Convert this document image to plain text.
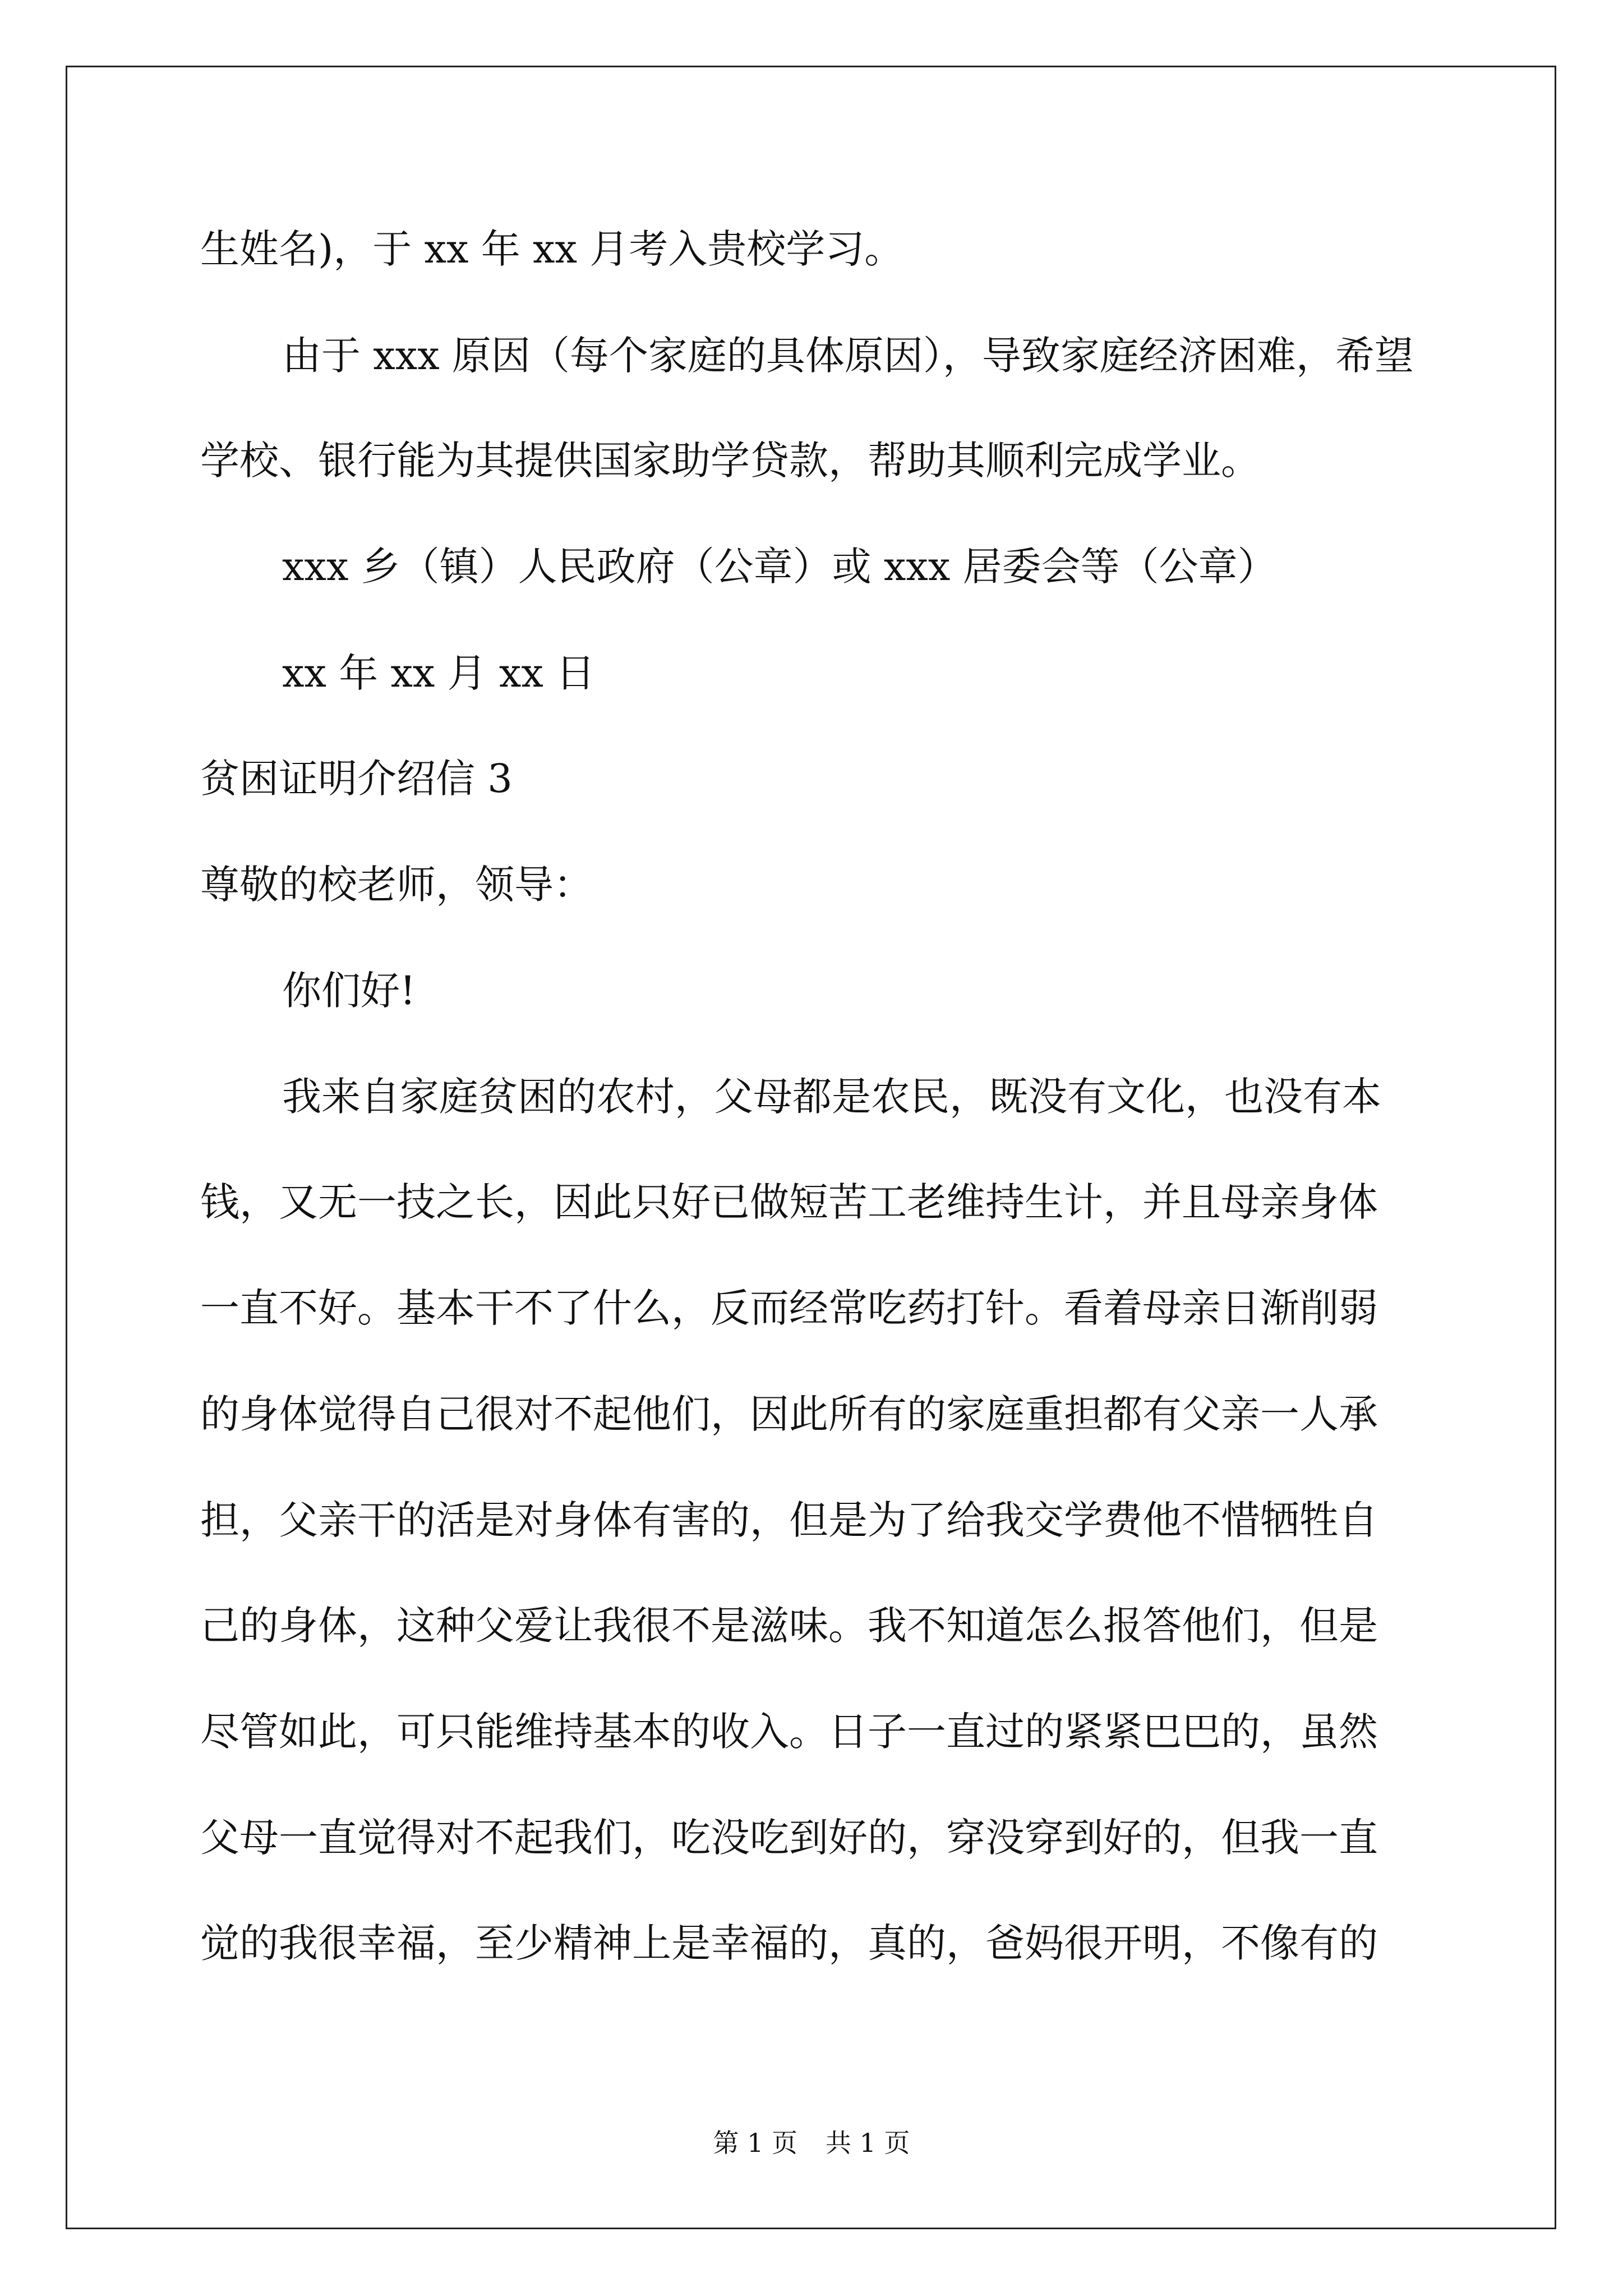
生姓名)，于 xx 年 xx 月考入贵校学习。

由于 xxx 原因（每个家庭的具体原因），导致家庭经济困难，希望

学校、银行能为其提供国家助学贷款，帮助其顺利完成学业。

xxx 乡（镇）人民政府（公章）或 xxx 居委会等（公章）

xx 年 xx 月 xx 日

贫困证明介绍信 3

尊敬的校老师，领导：

你们好!

我来自家庭贫困的农村，父母都是农民，既没有文化，也没有本

钱，又无一技之长，因此只好已做短苦工老维持生计，并且母亲身体

一直不好。基本干不了什么，反而经常吃药打针。看着母亲日渐削弱

的身体觉得自己很对不起他们，因此所有的家庭重担都有父亲一人承

担，父亲干的活是对身体有害的，但是为了给我交学费他不惜牺牲自

己的身体，这种父爱让我很不是滋味。我不知道怎么报答他们，但是

尽管如此，可只能维持基本的收入。日子一直过的紧紧巴巴的，虽然

父母一直觉得对不起我们，吃没吃到好的，穿没穿到好的，但我一直

觉的我很幸福，至少精神上是幸福的，真的，爸妈很开明，不像有的

第 1 页 共 1 页
